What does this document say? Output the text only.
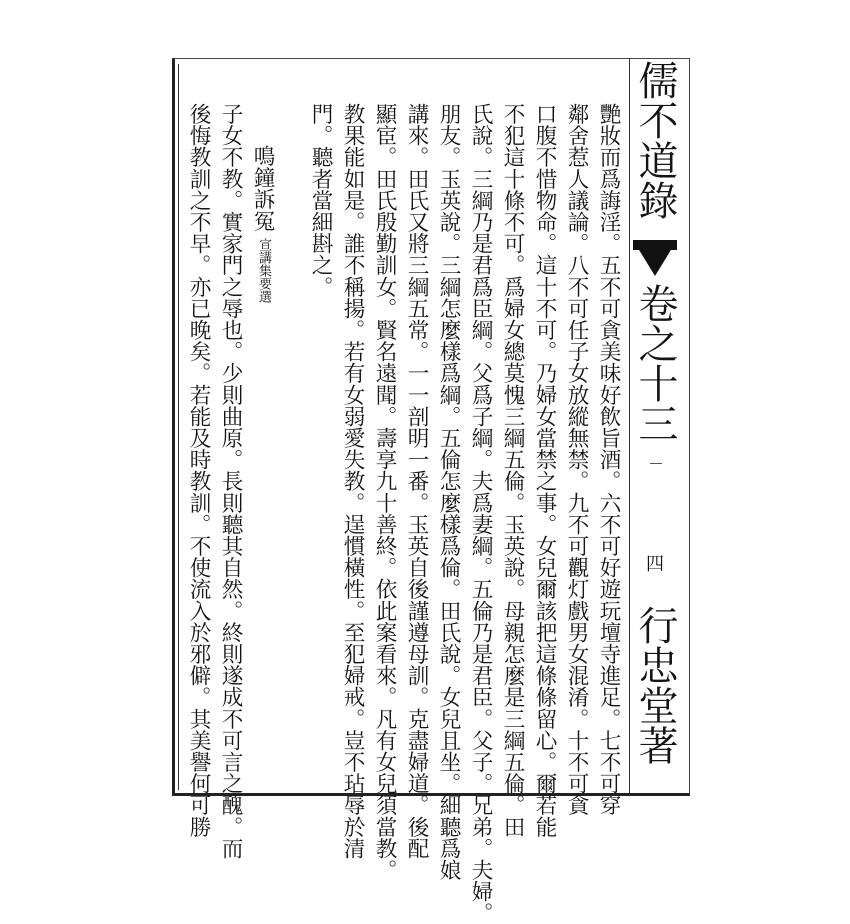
儒不道錄
卷之十三
四
行忠堂著
艷妝而爲誨淫。五不可貪美味好飲旨酒。六不可好遊玩壇寺進足。七不可穿
鄰舍惹人議論。八不可任子女放縱無禁。九不可觀灯戲男女混淆。十不可貪
口腹不惜物命。這十不可。乃婦女當禁之事。女兒爾該把這條條留心。爾若能
不犯這十條不可。爲婦女總莫愧三綱五倫。玉英說。母親怎麼是三綱五倫。田
氏說。三綱乃是君爲臣綱。父爲子綱。夫爲妻綱。五倫乃是君臣。父子。兄弟。夫婦。
朋友。玉英說。三綱怎麼樣爲綱。五倫怎麼樣爲倫。田氏說。女兒且坐。細聽爲娘
講來。田氏又將三綱五常。一一剖明一番。玉英自後謹遵母訓。克盡婦道。後配
顯宦。田氏殷勤訓女。賢名遠聞。壽享九十善終。依此案看來。凡有女兒須當教。
教果能如是。誰不稱揚。若有女弱愛失教。逞慣橫性。至犯婦戒。豈不玷辱於清
門。聽者當細斟之。
鳴鐘訴冤
宣講集要選
子女不教。實家門之辱也。少則曲原。長則聽其自然。終則遂成不可言之醜。而
後悔教訓之不早。亦已晚矣。若能及時教訓。不使流入於邪僻。其美譽何可勝
